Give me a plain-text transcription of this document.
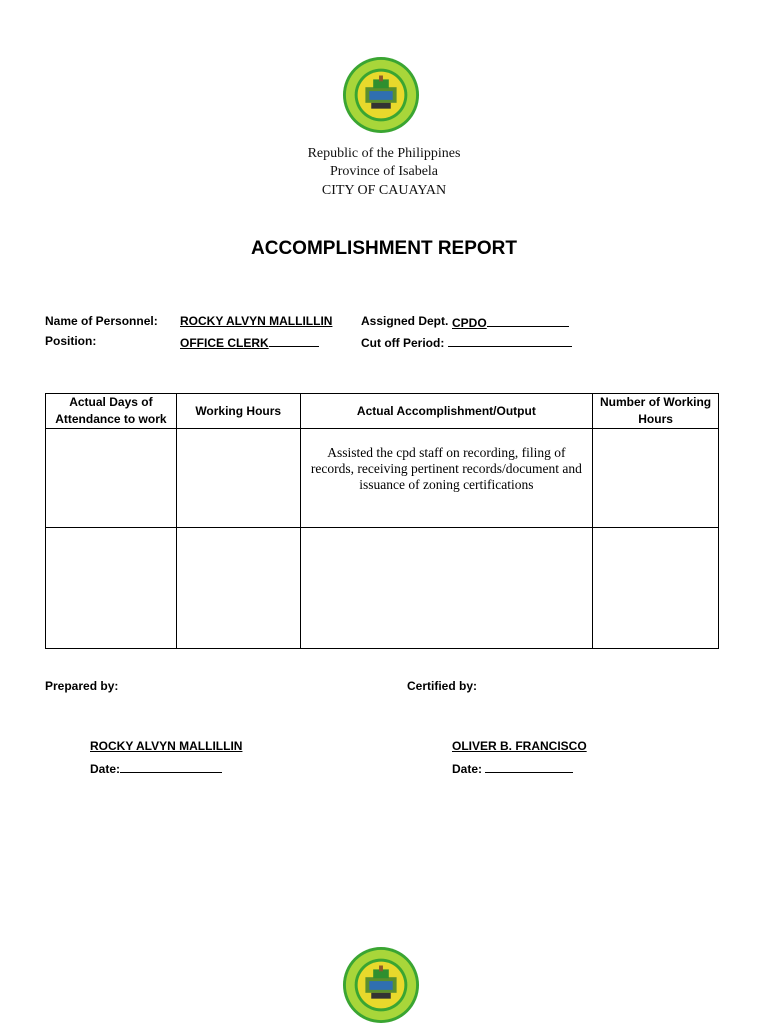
Republic of the Philippines
Province of Isabela
CITY OF CAUAYAN
ACCOMPLISHMENT REPORT
Name of Personnel: ROCKY ALVYN MALLILLIN Assigned Dept. CPDO
Position:	OFFICE CLERK	Cut off Period:
Actual Days of Attendance to work	Working Hours	Actual Accomplishment/Output	Number of Working Hours
		Assisted the cpd staff on recording, filing of records, receiving pertinent records/document and issuance of zoning certifications	

Prepared by:	Certified by:
ROCKY ALVYN MALLILLIN	OLIVER B. FRANCISCO
Date:	Date:
